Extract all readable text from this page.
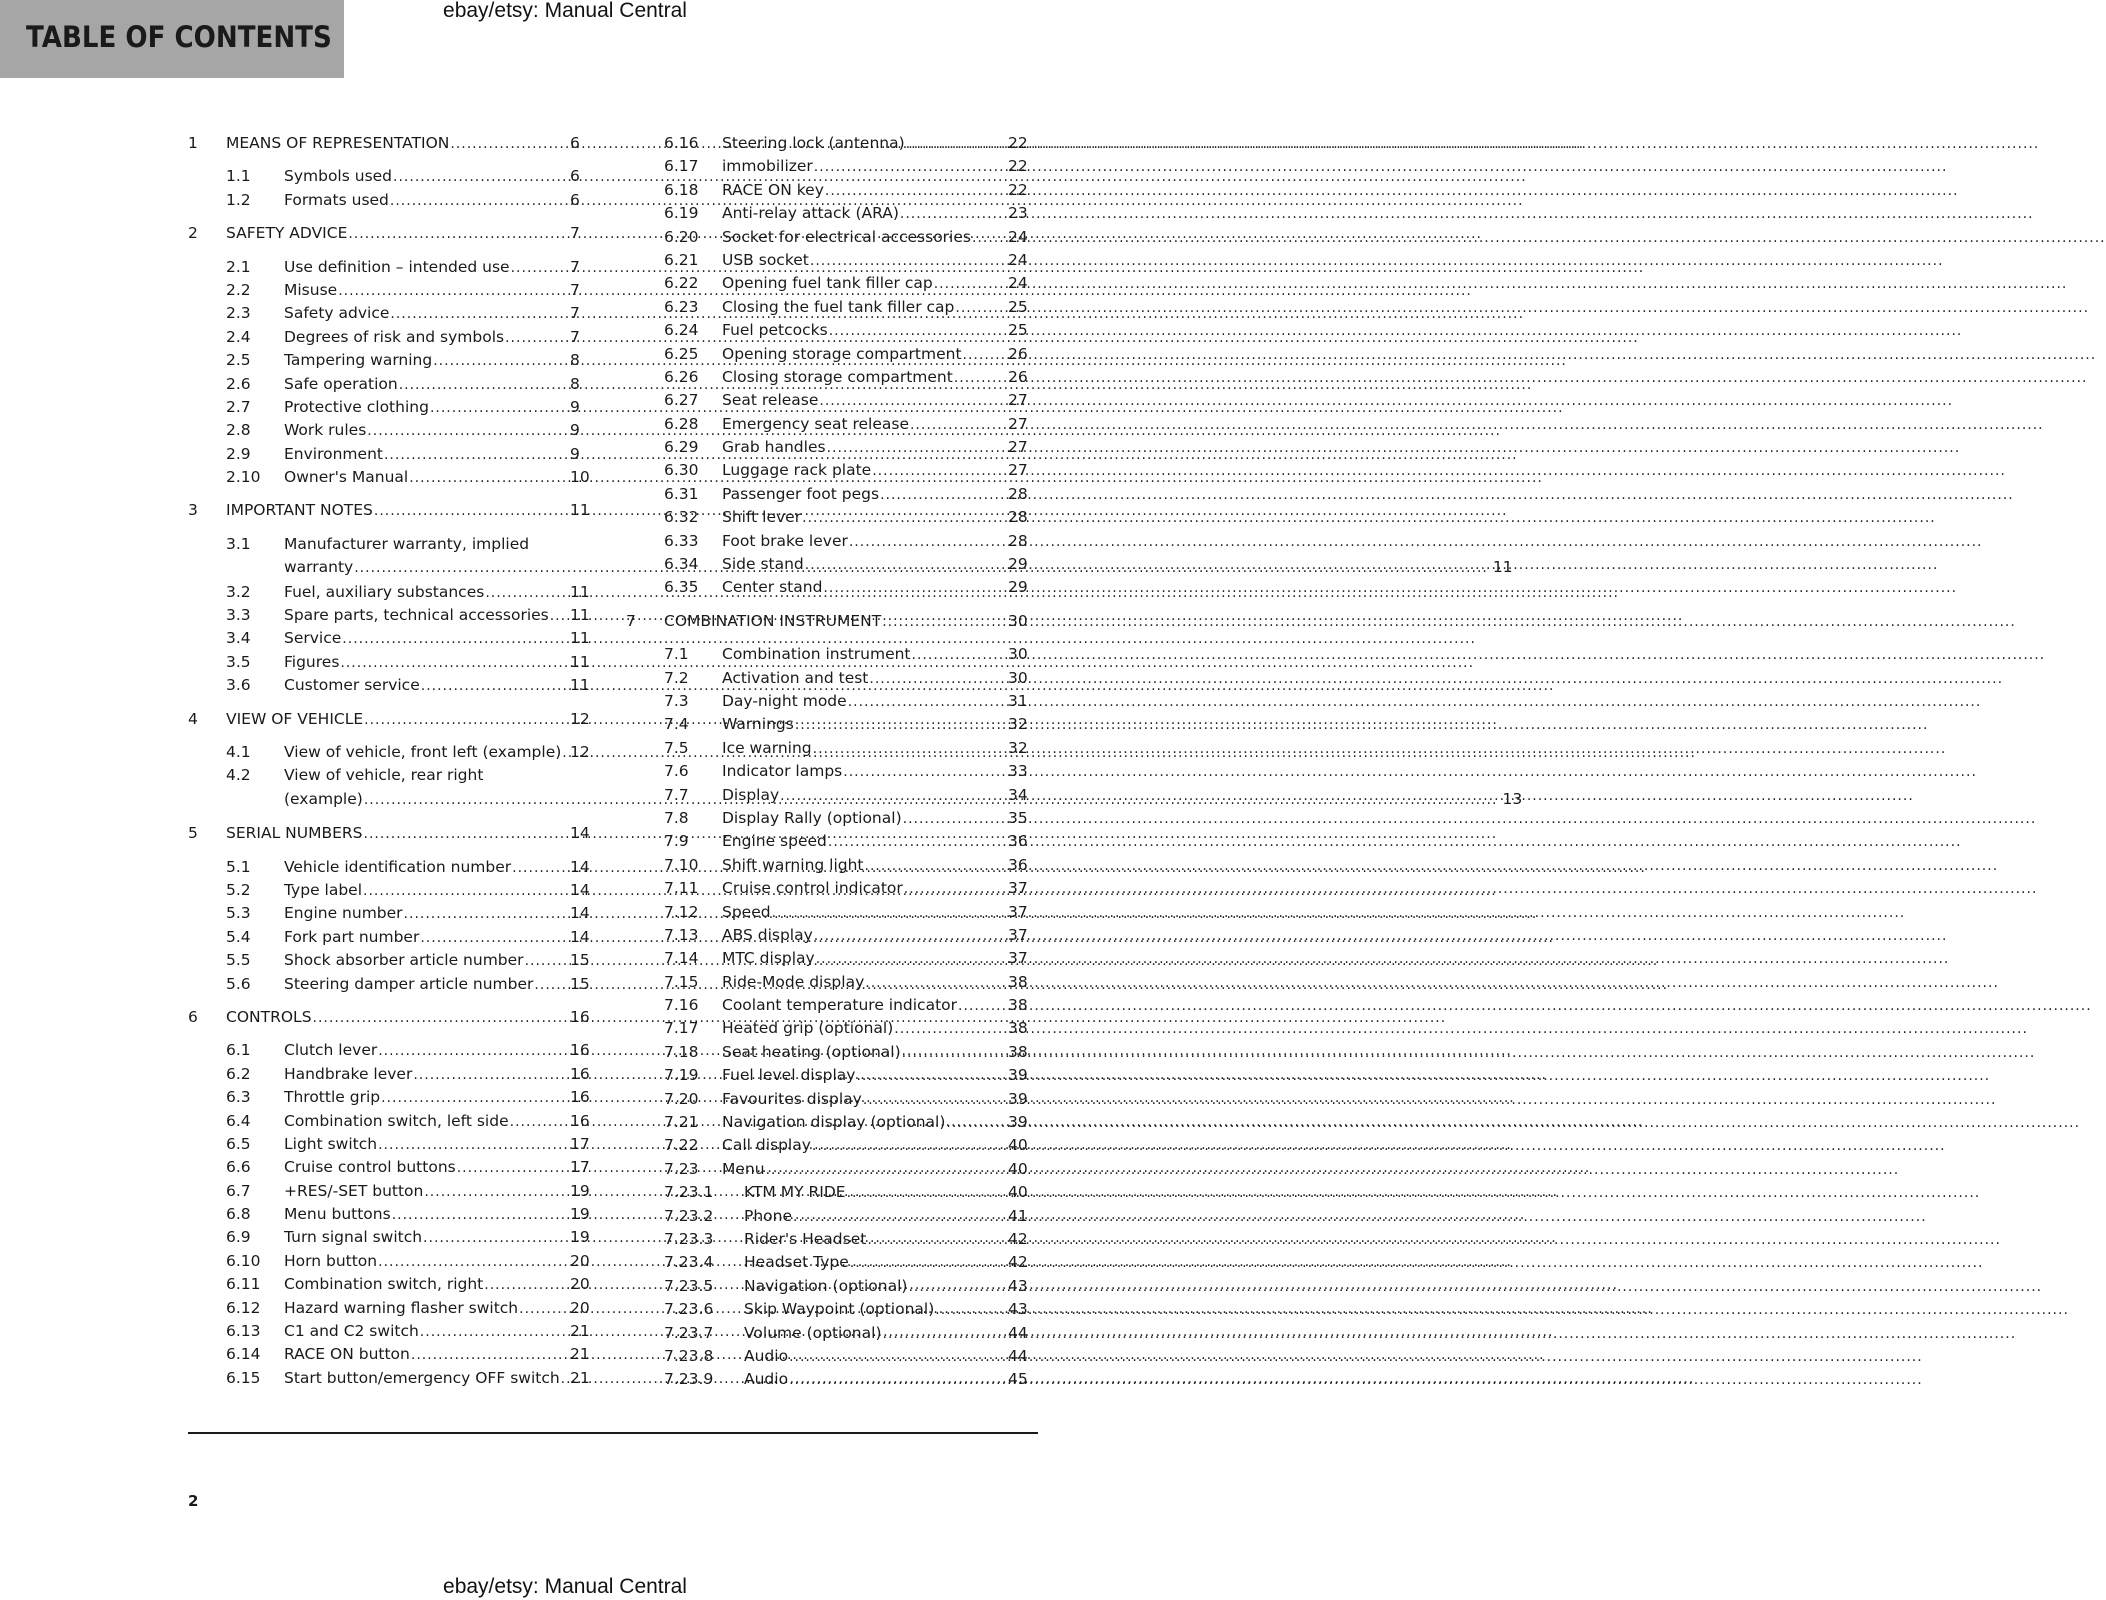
TABLE OF CONTENTS
ebay/etsy: Manual Central
1	MEANS OF REPRESENTATION .....	6
1.1	Symbols used .....	6
1.2	Formats used .....	6
2	SAFETY ADVICE .....	7
2.1	Use definition – intended use .....	7
2.2	Misuse .....	7
2.3	Safety advice .....	7
2.4	Degrees of risk and symbols .....	7
2.5	Tampering warning .....	8
2.6	Safe operation .....	8
2.7	Protective clothing .....	9
2.8	Work rules .....	9
2.9	Environment .....	9
2.10	Owner's Manual .....	10
3	IMPORTANT NOTES .....	11
3.1	Manufacturer warranty, implied
warranty .....	11
3.2	Fuel, auxiliary substances .....	11
3.3	Spare parts, technical accessories ..... 11
3.4	Service .....	11
3.5	Figures .....	11
3.6	Customer service .....	11
4	VIEW OF VEHICLE .....	12
4.1	View of vehicle, front left (example) ..... 12
4.2	View of vehicle, rear right
(example) .....	13
5	SERIAL NUMBERS .....	14
5.1	Vehicle identification number .....	14
5.2	Type label .....	14
5.3	Engine number .....	14
5.4	Fork part number .....	14
5.5	Shock absorber article number .....	15
5.6	Steering damper article number ..... 15
6	CONTROLS .....	16
6.1	Clutch lever .....	16
6.2	Handbrake lever .....	16
6.3	Throttle grip .....	16
6.4	Combination switch, left side .....	16
6.5	Light switch .....	17
6.6	Cruise control buttons .....	17
6.7	+RES/-SET button .....	19
6.8	Menu buttons .....	19
6.9	Turn signal switch .....	19
6.10	Horn button .....	20
6.11	Combination switch, right .....	20
6.12	Hazard warning flasher switch .....	20
6.13	C1 and C2 switch .....	21
6.14	RACE ON button .....	21
6.15	Start button/emergency OFF switch ..... 21
6.16	Steering lock (antenna) .....	22
6.17	immobilizer .....	22
6.18	RACE ON key .....	22
6.19	Anti-relay attack (ARA) .....	23
6.20	Socket for electrical accessories ..... 24
6.21	USB socket .....	24
6.22	Opening fuel tank filler cap .....	24
6.23	Closing the fuel tank filler cap .....	25
6.24	Fuel petcocks .....	25
6.25	Opening storage compartment .....	26
6.26	Closing storage compartment .....	26
6.27	Seat release .....	27
6.28	Emergency seat release .....	27
6.29	Grab handles .....	27
6.30	Luggage rack plate .....	27
6.31	Passenger foot pegs .....	28
6.32	Shift lever .....	28
6.33	Foot brake lever .....	28
6.34	Side stand .....	29
6.35	Center stand .....	29
7	COMBINATION INSTRUMENT .....	30
7.1	Combination instrument .....	30
7.2	Activation and test .....	30
7.3	Day-night mode .....	31
7.4	Warnings .....	32
7.5	Ice warning .....	32
7.6	Indicator lamps .....	33
7.7	Display .....	34
7.8	Display Rally (optional) .....	35
7.9	Engine speed .....	36
7.10	Shift warning light .....	36
7.11	Cruise control indicator .....	37
7.12	Speed .....	37
7.13	ABS display .....	37
7.14	MTC display .....	37
7.15	Ride-Mode display .....	38
7.16	Coolant temperature indicator .....	38
7.17	Heated grip (optional) .....	38
7.18	Seat heating (optional) .....	38
7.19	Fuel level display .....	39
7.20	Favourites display .....	39
7.21	Navigation display (optional) .....	39
7.22	Call display .....	40
7.23	Menu .....	40
7.23.1	KTM MY RIDE .....	40
7.23.2	Phone .....	41
7.23.3	Rider's Headset .....	42
7.23.4	Headset Type .....	42
7.23.5	Navigation (optional) .....	43
7.23.6	Skip Waypoint (optional) .....	43
7.23.7	Volume (optional) .....	44
7.23.8	Audio .....	44
7.23.9	Audio .....	45
2
ebay/etsy: Manual Central
